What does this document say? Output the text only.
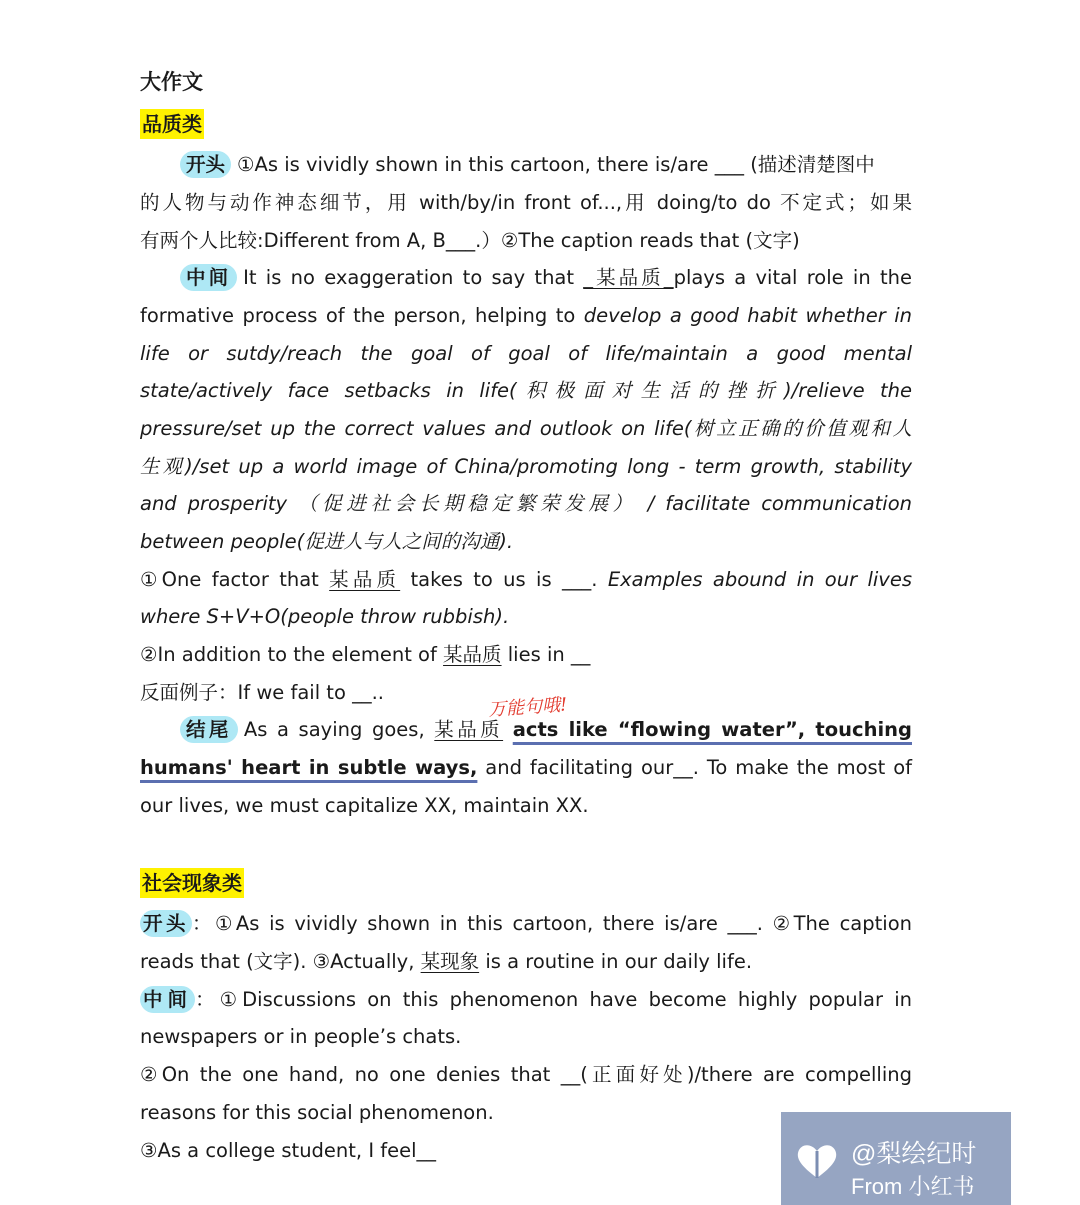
大作文
品质类
开头 ①As is vividly shown in this cartoon, there is/are ___ (描述清楚图中
的人物与动作神态细节，用 with/by/in front of...,用 doing/to do 不定式；如果
有两个人比较:Different from A, B___.）②The caption reads that (文字)
中间 It is no exaggeration to say that _某品质_plays a vital role in the
formative process of the person, helping to develop a good habit whether in
life or sutdy/reach the goal of goal of life/maintain a good mental
state/actively face setbacks in life(积极面对生活的挫折)/relieve the
pressure/set up the correct values and outlook on life(树立正确的价值观和人
生观)/set up a world image of China/promoting long - term growth, stability
and prosperity （促进社会长期稳定繁荣发展） / facilitate communication
between people(促进人与人之间的沟通).
①One factor that 某品质 takes to us is ___. Examples abound in our lives
where S+V+O(people throw rubbish).
②In addition to the element of 某品质 lies in __
反面例子：If we fail to __..
万能句哦!
结尾 As a saying goes, 某品质 acts like “flowing water”, touching
humans' heart in subtle ways, and facilitating our__. To make the most of
our lives, we must capitalize XX, maintain XX.
社会现象类
开头 ：①As is vividly shown in this cartoon, there is/are ___. ②The caption
reads that (文字). ③Actually, 某现象 is a routine in our daily life.
中间 ：①Discussions on this phenomenon have become highly popular in
newspapers or in people’s chats.
②On the one hand, no one denies that __(正面好处)/there are compelling
reasons for this social phenomenon.
③As a college student, I feel__	@梨绘纪时
From 小红书
